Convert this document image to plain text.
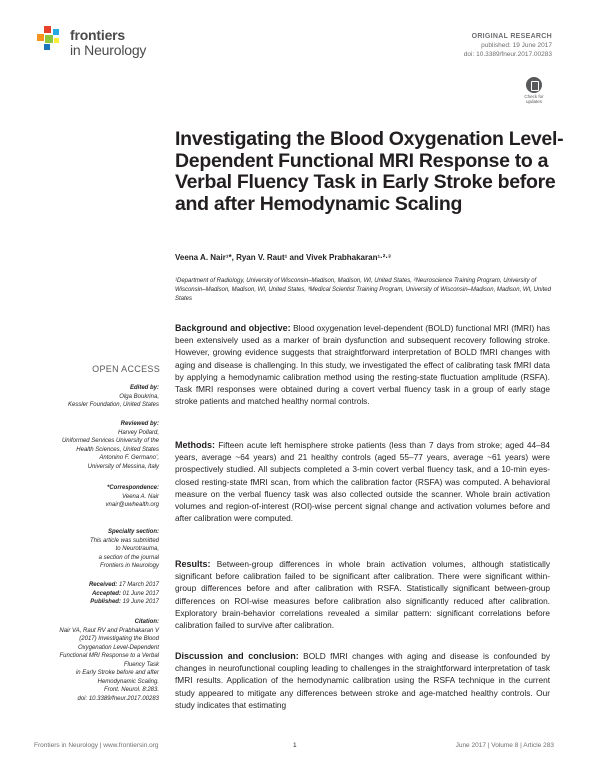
frontiers
in Neurology
ORIGINAL RESEARCH
published: 19 June 2017
doi: 10.3389/fneur.2017.00283
Check for updates
Investigating the Blood Oxygenation Level-Dependent Functional MRI Response to a Verbal Fluency Task in Early Stroke before and after Hemodynamic Scaling
Veena A. Nair¹*, Ryan V. Raut¹ and Vivek Prabhakaran¹·²·³
¹Department of Radiology, University of Wisconsin–Madison, Madison, WI, United States, ²Neuroscience Training Program, University of Wisconsin–Madison, Madison, WI, United States, ³Medical Scientist Training Program, University of Wisconsin–Madison, Madison, WI, United States
OPEN ACCESS
Edited by:
Olga Boukrina,
Kessler Foundation, United States
Reviewed by:
Harvey Pollard,
Uniformed Services University of the
Health Sciences, United States
Antonino F. Germano’,
University of Messina, Italy
*Correspondence:
Veena A. Nair
vnair@uwhealth.org
Specialty section:
This article was submitted
to Neurotrauma,
a section of the journal
Frontiers in Neurology
Received: 17 March 2017
Accepted: 01 June 2017
Published: 19 June 2017
Citation:
Nair VA, Raut RV and Prabhakaran V
(2017) Investigating the Blood
Oxygenation Level-Dependent
Functional MRI Response to a Verbal
Fluency Task
in Early Stroke before and after
Hemodynamic Scaling.
Front. Neurol. 8:283.
doi: 10.3389/fneur.2017.00283
Background and objective: Blood oxygenation level-dependent (BOLD) functional MRI (fMRI) has been extensively used as a marker of brain dysfunction and subsequent recovery following stroke. However, growing evidence suggests that straightforward interpretation of BOLD fMRI changes with aging and disease is challenging. In this study, we investigated the effect of calibrating task fMRI data by applying a hemodynamic calibration method using the resting-state fluctuation amplitude (RSFA). Task fMRI responses were obtained during a covert verbal fluency task in a group of early stage stroke patients and matched healthy normal controls.
Methods: Fifteen acute left hemisphere stroke patients (less than 7 days from stroke; aged 44–84 years, average ~64 years) and 21 healthy controls (aged 55–77 years, average ~61 years) were prospectively studied. All subjects completed a 3-min covert verbal fluency task, and a 10-min eyes-closed resting-state fMRI scan, from which the calibration factor (RSFA) was computed. A behavioral measure on the verbal fluency task was also collected outside the scanner. Whole brain activation volumes and region-of-interest (ROI)-wise percent signal change and activation volumes before and after calibration were computed.
Results: Between-group differences in whole brain activation volumes, although statistically significant before calibration failed to be significant after calibration. There were significant within-group differences before and after calibration with RSFA. Statistically significant between-group differences on ROI-wise measures before calibration also significantly reduced after calibration. Exploratory brain-behavior correlations revealed a similar pattern: significant correlations before calibration failed to survive after calibration.
Discussion and conclusion: BOLD fMRI changes with aging and disease is confounded by changes in neurofunctional coupling leading to challenges in the straightforward interpretation of task fMRI results. Application of the hemodynamic calibration using the RSFA technique in the current study appeared to mitigate any differences between stroke and age-matched healthy controls. Our study indicates that estimating
Frontiers in Neurology | www.frontiersin.org	1	June 2017 | Volume 8 | Article 283
